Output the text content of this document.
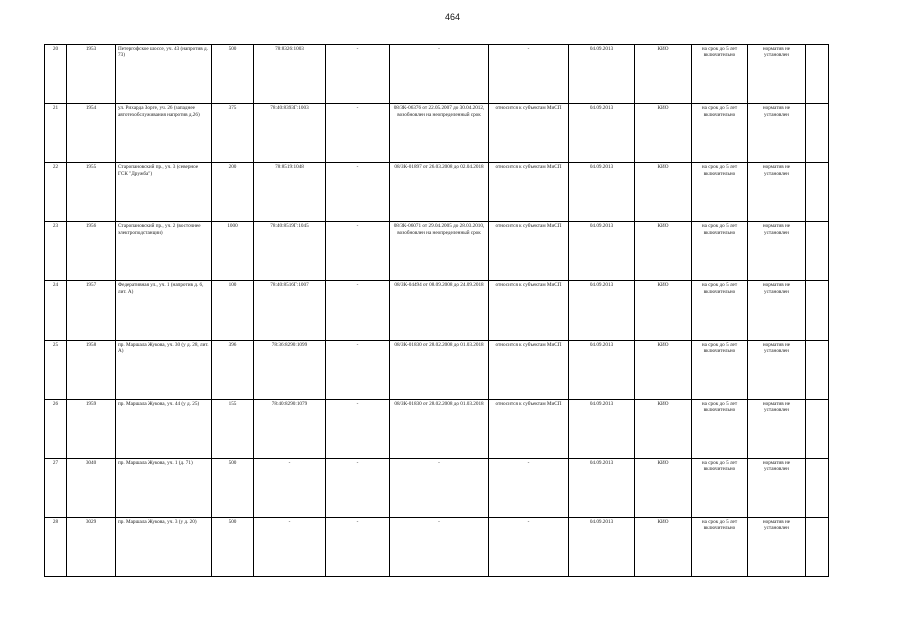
464
20	1953	Петергофское шоссе, уч. 43 (напротив д. 73)	500	78:8326:1003	-	-	-	04.09.2013	КИО	на срок до 5 лет включительно	норматив не установлен	
21	1954	ул. Рихарда Зорге, уч. 26 (западнее автотехобслуживания напротив д.26)	375	78:40:8393Г:1003	-	08/ЗК-06376 от 22.05.2007 до 30.04.2012, возобновлен на неопределенный срок	относится к субъектам МиСП	04.09.2013	КИО	на срок до 5 лет включительно	норматив не установлен	
22	1955	Старопановский пр., уч. 3 (северное ГСК "Дружба")	200	78:8519:1048	-	08/ЗК-01897 от 26.03.2008 до 02.04.2018	относится к субъектам МиСП	04.09.2013	КИО	на срок до 5 лет включительно	норматив не установлен	
23	1956	Старопановский пр., уч. 2 (восточнее электроподстанции)	1000	78:40:8519Г:1045	-	08/ЗК-06071 от 29.04.2005 до 28.03.2010, возобновлен на неопределенный срок	относится к субъектам МиСП	04.09.2013	КИО	на срок до 5 лет включительно	норматив не установлен	
24	1957	Федеративная ул., уч. 1 (напротив д. 6, лит. А)	100	78:40:8516Г:1007	-	08/ЗК-04494 от 08.09.2008 до 24.09.2018	относится к субъектам МиСП	04.09.2013	КИО	на срок до 5 лет включительно	норматив не установлен	
25	1958	пр. Маршала Жукова, уч. 30 (у д. 28, лит. А)	396	78:36:8290:1099	-	08/ЗК-01830 от 28.02.2008 до 01.03.2018	относится к субъектам МиСП	04.09.2013	КИО	на срок до 5 лет включительно	норматив не установлен	
26	1959	пр. Маршала Жукова, уч. 44 (у д. 25)	155	78:40:8290:1079	-	08/ЗК-01830 от 28.02.2008 до 01.03.2018	относится к субъектам МиСП	04.09.2013	КИО	на срок до 5 лет включительно	норматив не установлен	
27	3040	пр. Маршала Жукова, уч. 1 (д. 71)	500	-	-	-	-	04.09.2013	КИО	на срок до 5 лет включительно	норматив не установлен	
28	3029	пр. Маршала Жукова, уч. 3 (у д. 20)	500	-	-	-	-	04.09.2013	КИО	на срок до 5 лет включительно	норматив не установлен	
